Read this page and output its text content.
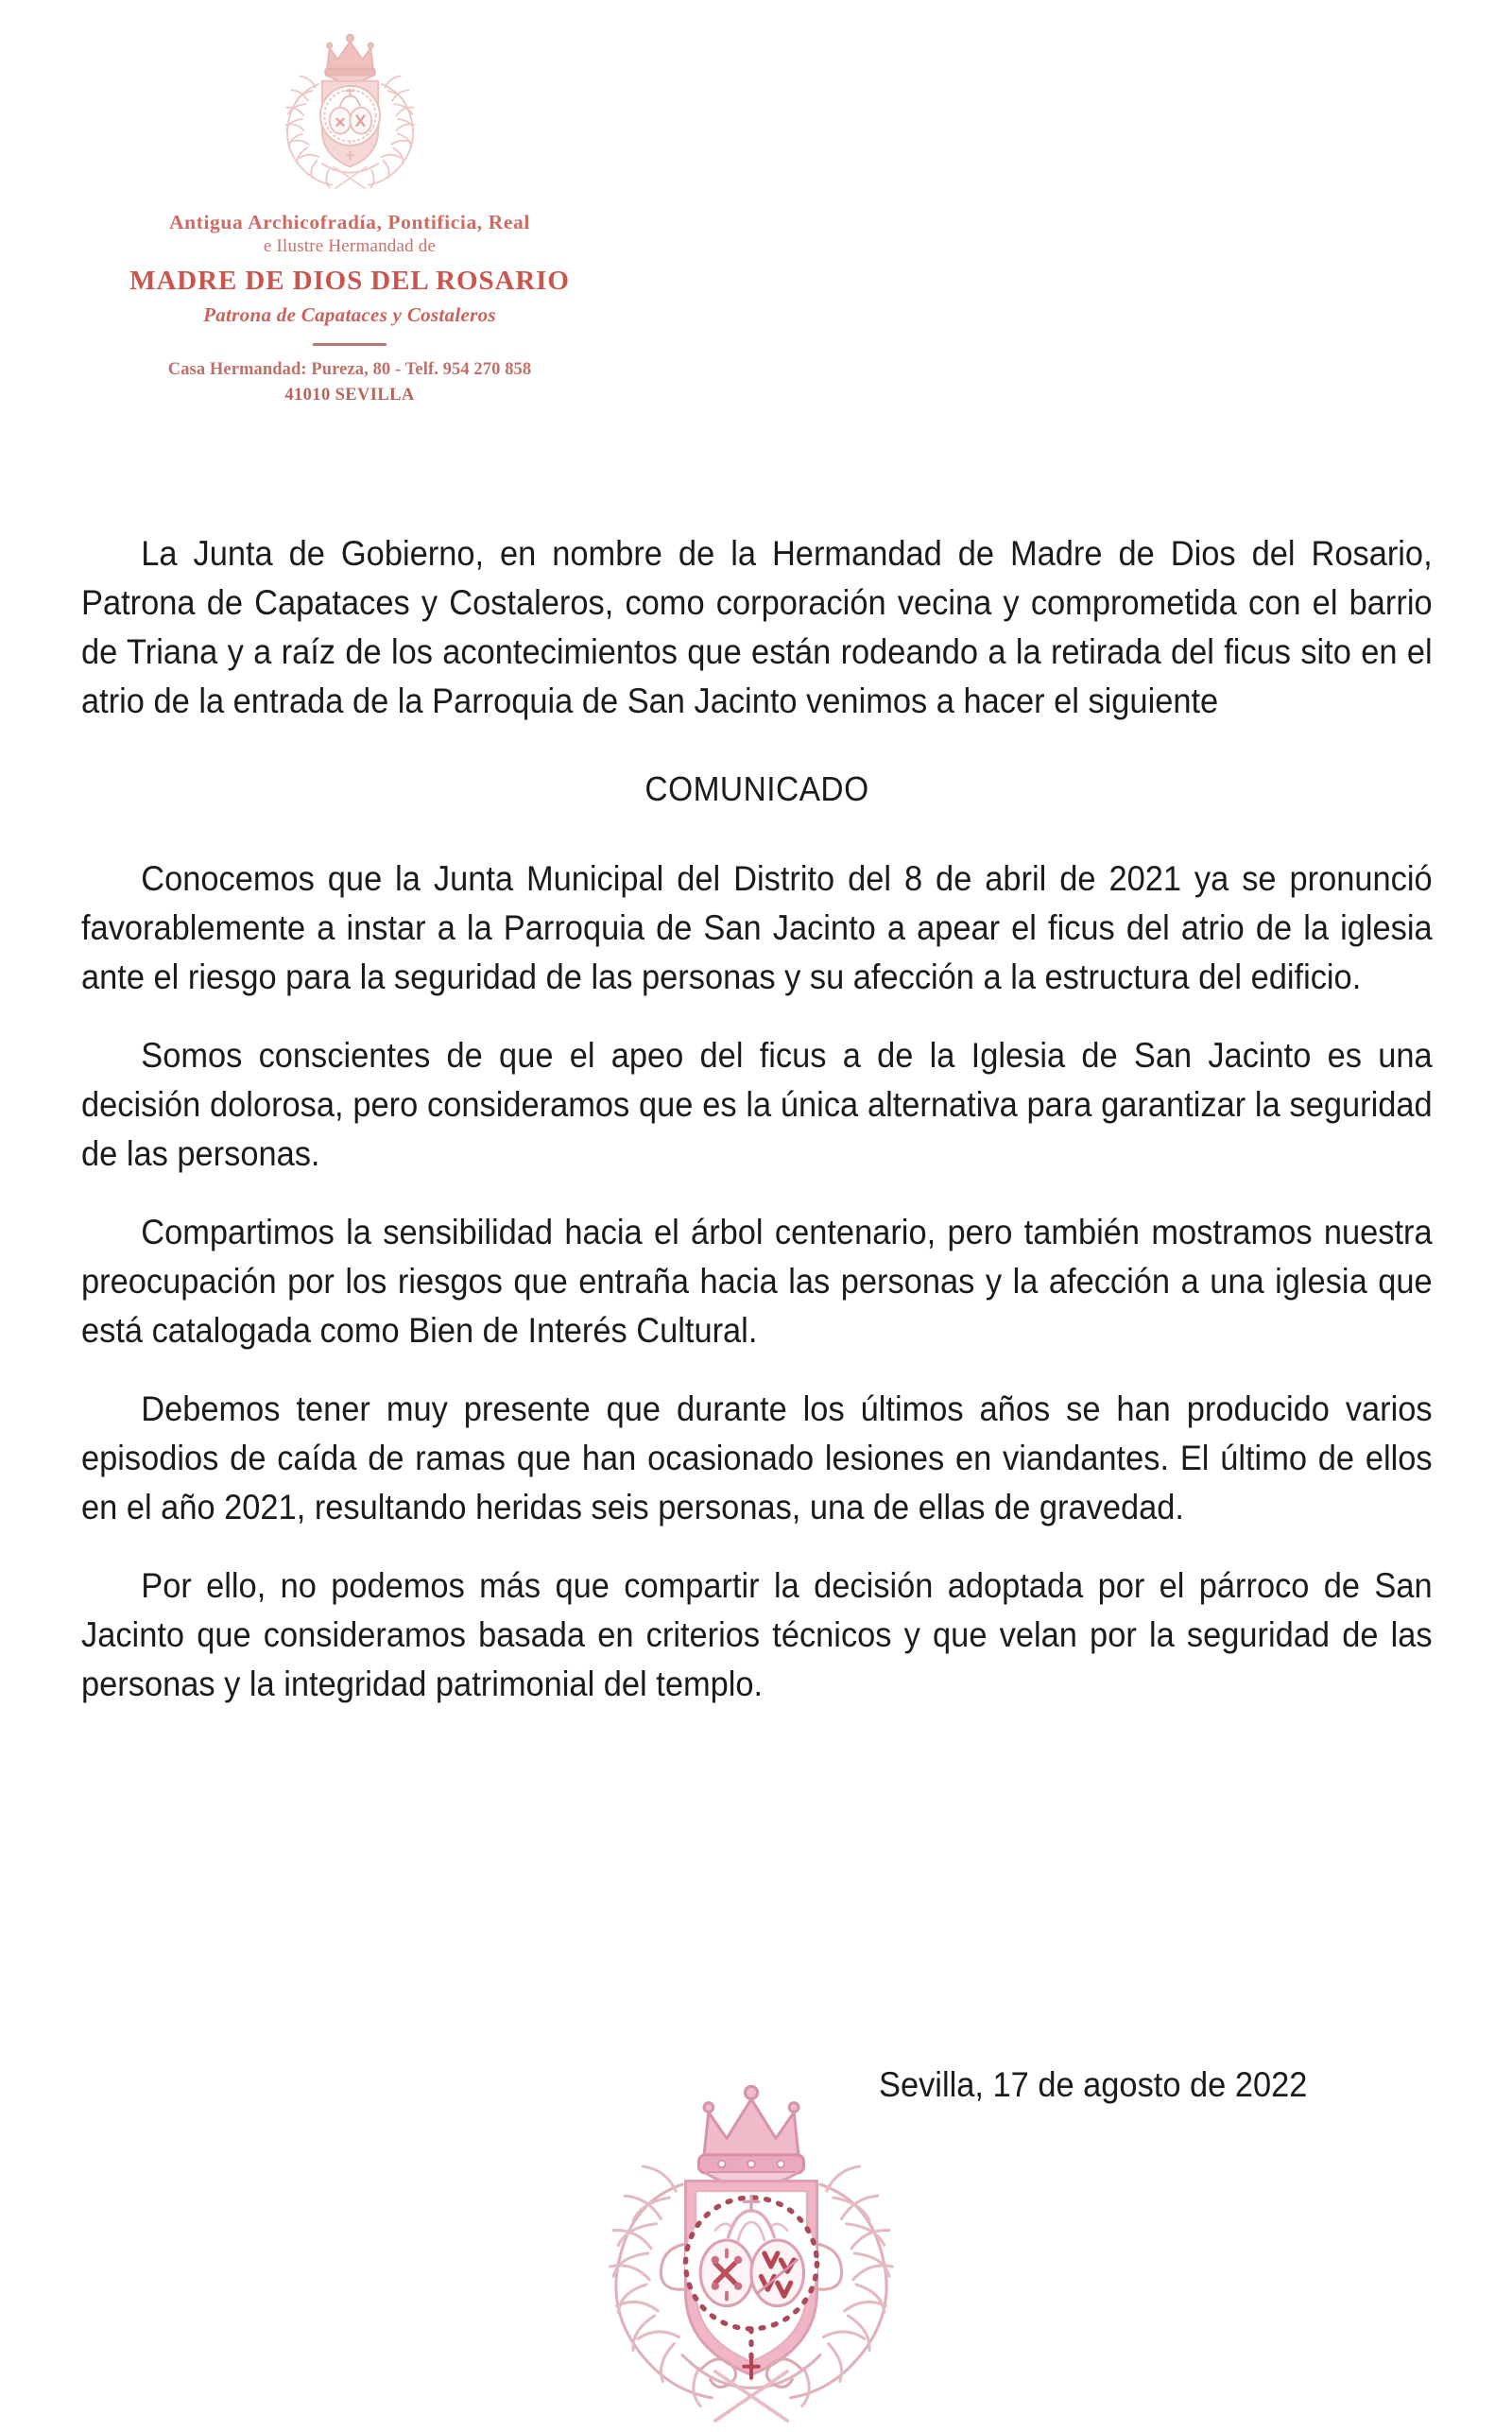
Antigua Archicofradía, Pontificia, Real
e Ilustre Hermandad de
MADRE DE DIOS DEL ROSARIO
Patrona de Capataces y Costaleros
Casa Hermandad: Pureza, 80 - Telf. 954 270 858
41010 SEVILLA

La Junta de Gobierno, en nombre de la Hermandad de Madre de Dios del Rosario, Patrona de Capataces y Costaleros, como corporación vecina y comprometida con el barrio de Triana y a raíz de los acontecimientos que están rodeando a la retirada del ficus sito en el atrio de la entrada de la Parroquia de San Jacinto venimos a hacer el siguiente

COMUNICADO

Conocemos que la Junta Municipal del Distrito del 8 de abril de 2021 ya se pronunció favorablemente a instar a la Parroquia de San Jacinto a apear el ficus del atrio de la iglesia ante el riesgo para la seguridad de las personas y su afección a la estructura del edificio.

Somos conscientes de que el apeo del ficus a de la Iglesia de San Jacinto es una decisión dolorosa, pero consideramos que es la única alternativa para garantizar la seguridad de las personas.

Compartimos la sensibilidad hacia el árbol centenario, pero también mostramos nuestra preocupación por los riesgos que entraña hacia las personas y la afección a una iglesia que está catalogada como Bien de Interés Cultural.

Debemos tener muy presente que durante los últimos años se han producido varios episodios de caída de ramas que han ocasionado lesiones en viandantes. El último de ellos en el año 2021, resultando heridas seis personas, una de ellas de gravedad.

Por ello, no podemos más que compartir la decisión adoptada por el párroco de San Jacinto que consideramos basada en criterios técnicos y que velan por la seguridad de las personas y la integridad patrimonial del templo.

Sevilla, 17 de agosto de 2022
